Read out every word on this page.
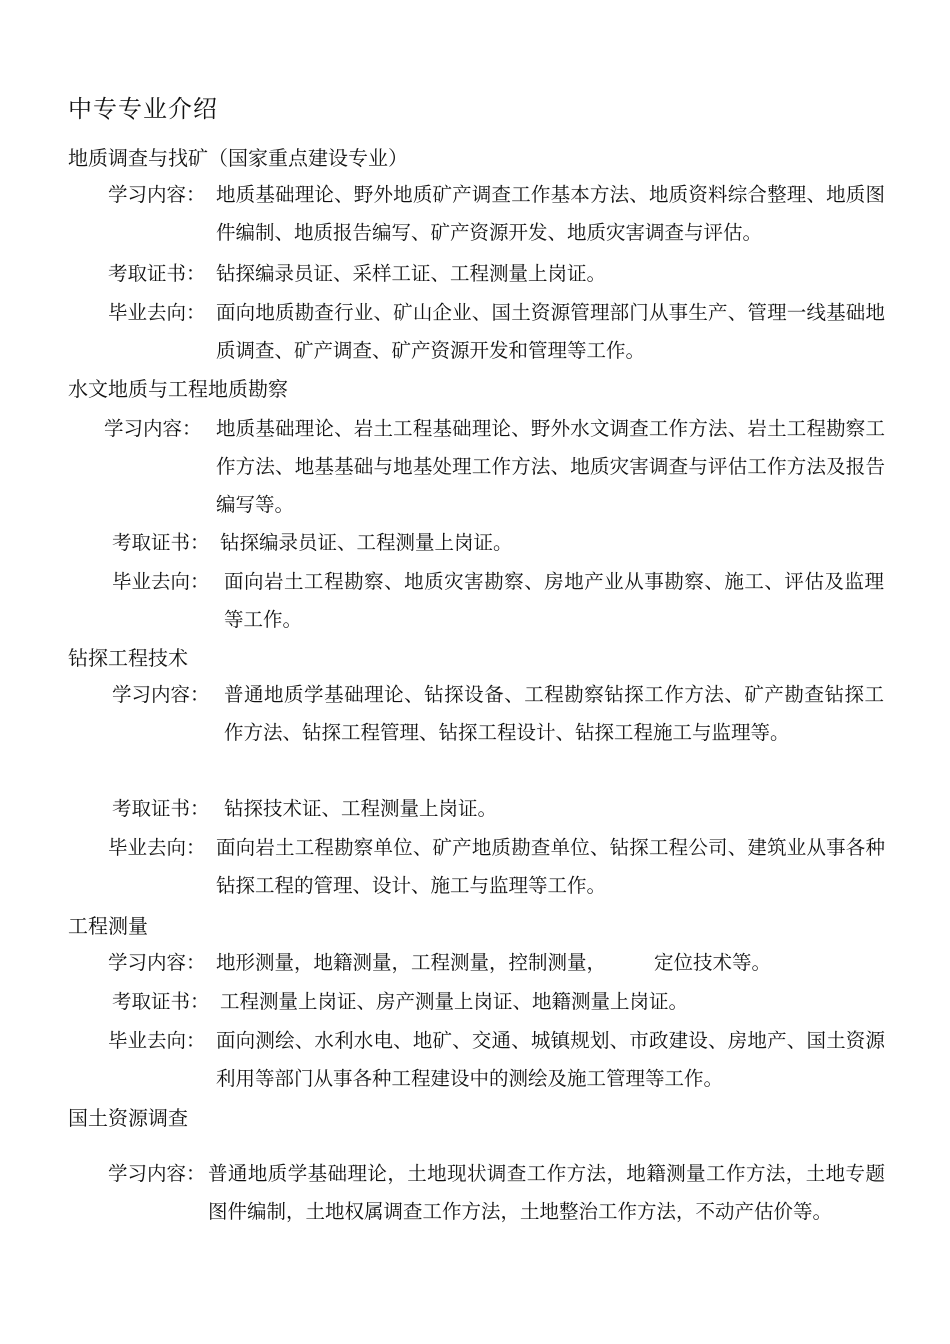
中专专业介绍
地质调查与找矿（国家重点建设专业）
学习内容： 地质基础理论、野外地质矿产调查工作基本方法、地质资料综合整理、地质图件编制、地质报告编写、矿产资源开发、地质灾害调查与评估。
考取证书： 钻探编录员证、采样工证、工程测量上岗证。
毕业去向： 面向地质勘查行业、矿山企业、国土资源管理部门从事生产、管理一线基础地质调查、矿产调查、矿产资源开发和管理等工作。
水文地质与工程地质勘察
学习内容： 地质基础理论、岩土工程基础理论、野外水文调查工作方法、岩土工程勘察工作方法、地基基础与地基处理工作方法、地质灾害调查与评估工作方法及报告编写等。
考取证书： 钻探编录员证、工程测量上岗证。
毕业去向： 面向岩土工程勘察、地质灾害勘察、房地产业从事勘察、施工、评估及监理等工作。
钻探工程技术
学习内容： 普通地质学基础理论、钻探设备、工程勘察钻探工作方法、矿产勘查钻探工作方法、钻探工程管理、钻探工程设计、钻探工程施工与监理等。
考取证书： 钻探技术证、工程测量上岗证。
毕业去向： 面向岩土工程勘察单位、矿产地质勘查单位、钻探工程公司、建筑业从事各种钻探工程的管理、设计、施工与监理等工作。
工程测量
学习内容： 地形测量，地籍测量，工程测量，控制测量， 定位技术等。
考取证书： 工程测量上岗证、房产测量上岗证、地籍测量上岗证。
毕业去向： 面向测绘、水利水电、地矿、交通、城镇规划、市政建设、房地产、国土资源利用等部门从事各种工程建设中的测绘及施工管理等工作。
国土资源调查
学习内容： 普通地质学基础理论，土地现状调查工作方法，地籍测量工作方法，土地专题图件编制，土地权属调查工作方法，土地整治工作方法，不动产估价等。
